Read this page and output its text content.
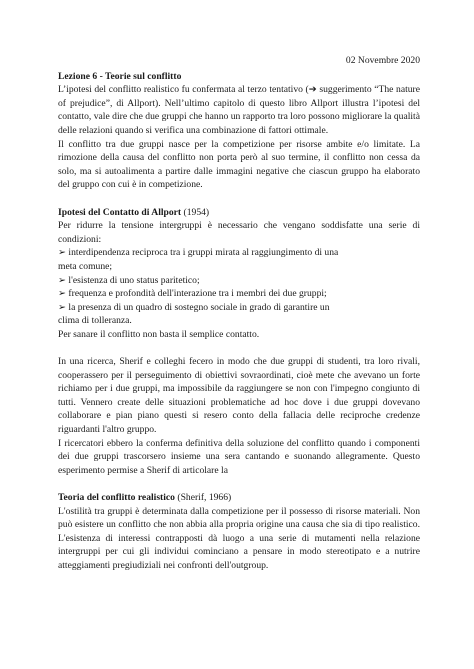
02 Novembre 2020

Lezione 6 - Teorie sul conflitto

L’ipotesi del conflitto realistico fu confermata al terzo tentativo (➔ suggerimento “The nature of prejudice”, di Allport). Nell’ultimo capitolo di questo libro Allport illustra l’ipotesi del contatto, vale dire che due gruppi che hanno un rapporto tra loro possono migliorare la qualità delle relazioni quando si verifica una combinazione di fattori ottimale.

Il conflitto tra due gruppi nasce per la competizione per risorse ambite e/o limitate. La rimozione della causa del conflitto non porta però al suo termine, il conflitto non cessa da solo, ma si autoalimenta a partire dalle immagini negative che ciascun gruppo ha elaborato del gruppo con cui è in competizione.

Ipotesi del Contatto di Allport (1954)

Per ridurre la tensione intergruppi è necessario che vengano soddisfatte una serie di condizioni:

➢ interdipendenza reciproca tra i gruppi mirata al raggiungimento di una

meta comune;

➢ l'esistenza di uno status paritetico;

➢ frequenza e profondità dell'interazione tra i membri dei due gruppi;

➢ la presenza di un quadro di sostegno sociale in grado di garantire un

clima di tolleranza.

Per sanare il conflitto non basta il semplice contatto.

In una ricerca, Sherif e colleghi fecero in modo che due gruppi di studenti, tra loro rivali, cooperassero per il perseguimento di obiettivi sovraordinati, cioè mete che avevano un forte richiamo per i due gruppi, ma impossibile da raggiungere se non con l'impegno congiunto di tutti. Vennero create delle situazioni problematiche ad hoc dove i due gruppi dovevano collaborare e pian piano questi si resero conto della fallacia delle reciproche credenze riguardanti l'altro gruppo.

I ricercatori ebbero la conferma definitiva della soluzione del conflitto quando i componenti dei due gruppi trascorsero insieme una sera cantando e suonando allegramente. Questo esperimento permise a Sherif di articolare la

Teoria del conflitto realistico (Sherif, 1966)

L'ostilità tra gruppi è determinata dalla competizione per il possesso di risorse materiali. Non può esistere un conflitto che non abbia alla propria origine una causa che sia di tipo realistico. L'esistenza di interessi contrapposti dà luogo a una serie di mutamenti nella relazione intergruppi per cui gli individui cominciano a pensare in modo stereotipato e a nutrire atteggiamenti pregiudiziali nei confronti dell'outgroup.
